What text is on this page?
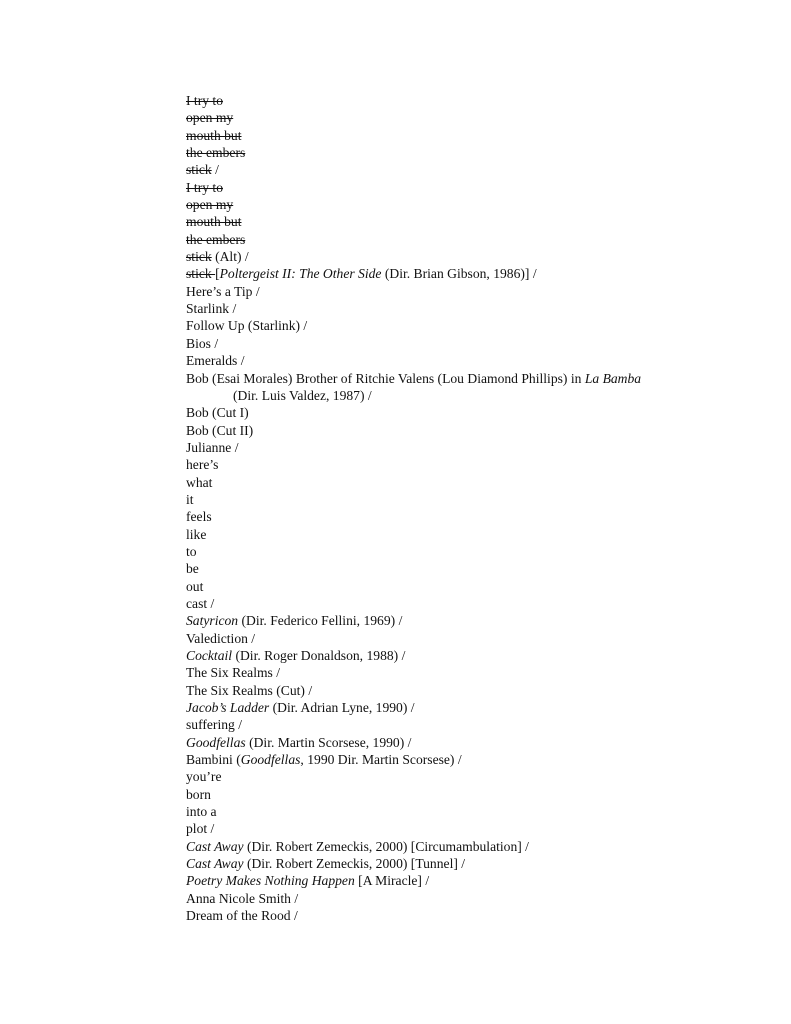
I try to
open my
mouth but
the embers
stick /
I try to
open my
mouth but
the embers
stick (Alt) /
stick [Poltergeist II: The Other Side (Dir. Brian Gibson, 1986)] /
Here’s a Tip /
Starlink /
Follow Up (Starlink) /
Bios /
Emeralds /
Bob (Esai Morales) Brother of Ritchie Valens (Lou Diamond Phillips) in La Bamba
(Dir. Luis Valdez, 1987) /
Bob (Cut I)
Bob (Cut II)
Julianne /
here’s
what
it
feels
like
to
be
out
cast /
Satyricon (Dir. Federico Fellini, 1969) /
Valediction /
Cocktail (Dir. Roger Donaldson, 1988) /
The Six Realms /
The Six Realms (Cut) /
Jacob’s Ladder (Dir. Adrian Lyne, 1990) /
suffering /
Goodfellas (Dir. Martin Scorsese, 1990) /
Bambini (Goodfellas, 1990 Dir. Martin Scorsese) /
you’re
born
into a
plot /
Cast Away (Dir. Robert Zemeckis, 2000) [Circumambulation] /
Cast Away (Dir. Robert Zemeckis, 2000) [Tunnel] /
Poetry Makes Nothing Happen [A Miracle] /
Anna Nicole Smith /
Dream of the Rood /
